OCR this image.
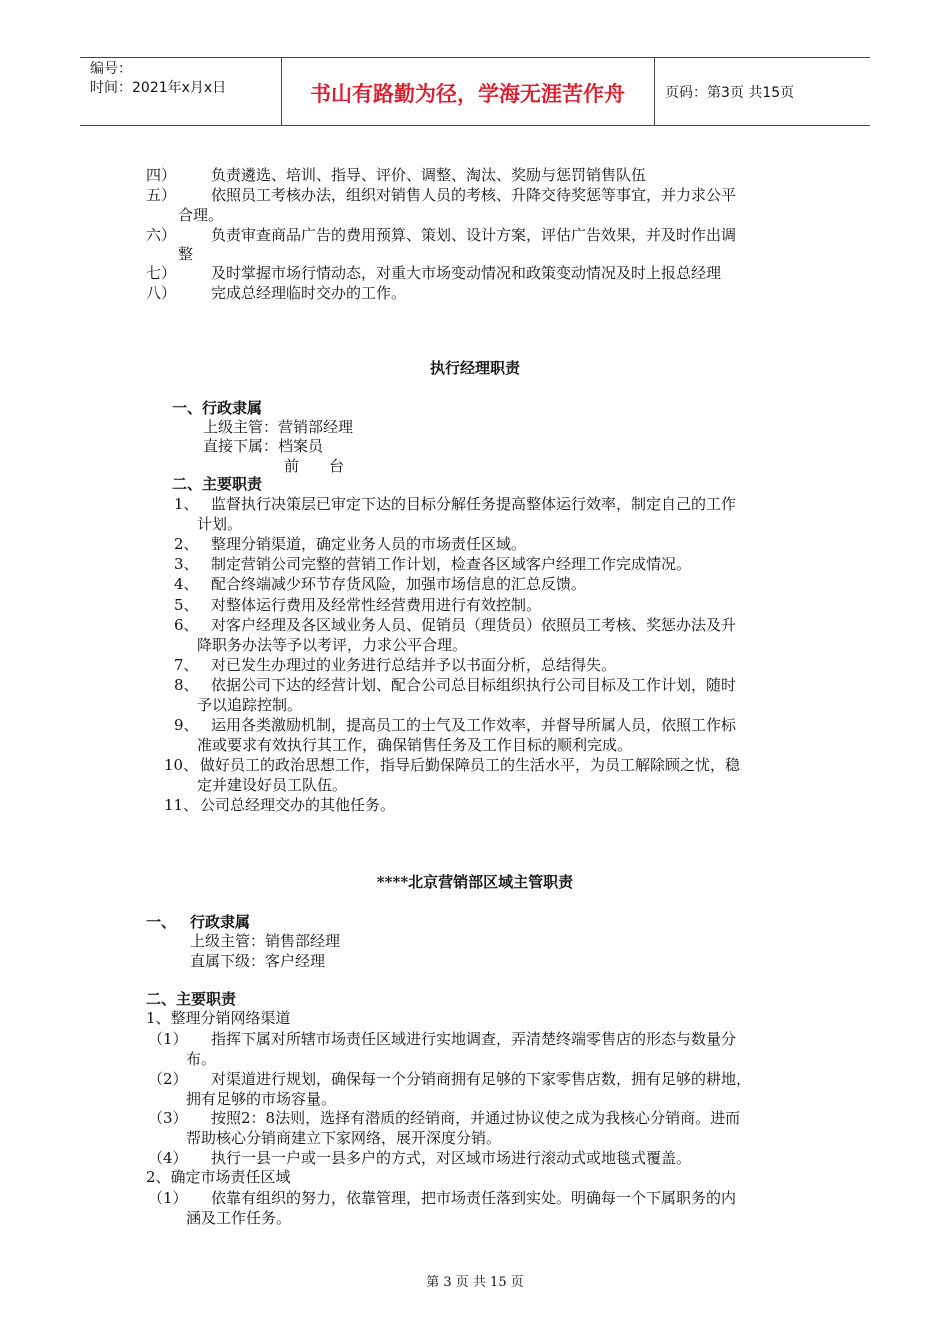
编号：
时间：2021年x月x日	书山有路勤为径，学海无涯苦作舟	页码：第3页 共15页
四） 负责遴选、培训、指导、评价、调整、淘汰、奖励与惩罚销售队伍
五） 依照员工考核办法，组织对销售人员的考核、升降交待奖惩等事宜，并力求公平
合理。
六） 负责审查商品广告的费用预算、策划、设计方案，评估广告效果，并及时作出调
整
七） 及时掌握市场行情动态，对重大市场变动情况和政策变动情况及时上报总经理
八） 完成总经理临时交办的工作。
执行经理职责
一、行政隶属
上级主管：营销部经理
直接下属：档案员
前　　台
二、主要职责
1、 监督执行决策层已审定下达的目标分解任务提高整体运行效率，制定自己的工作
计划。
2、 整理分销渠道，确定业务人员的市场责任区域。
3、 制定营销公司完整的营销工作计划，检查各区域客户经理工作完成情况。
4、 配合终端减少环节存货风险，加强市场信息的汇总反馈。
5、 对整体运行费用及经常性经营费用进行有效控制。
6、 对客户经理及各区域业务人员、促销员（理货员）依照员工考核、奖惩办法及升
降职务办法等予以考评，力求公平合理。
7、 对已发生办理过的业务进行总结并予以书面分析，总结得失。
8、 依据公司下达的经营计划、配合公司总目标组织执行公司目标及工作计划，随时
予以追踪控制。
9、 运用各类激励机制，提高员工的士气及工作效率，并督导所属人员，依照工作标
准或要求有效执行其工作，确保销售任务及工作目标的顺利完成。
10、 做好员工的政治思想工作，指导后勤保障员工的生活水平，为员工解除顾之忧，稳
定并建设好员工队伍。
11、 公司总经理交办的其他任务。
****北京营销部区域主管职责
一、 行政隶属
上级主管：销售部经理
直属下级：客户经理
二、主要职责
1、整理分销网络渠道
（1） 指挥下属对所辖市场责任区域进行实地调查，弄清楚终端零售店的形态与数量分
布。
（2） 对渠道进行规划，确保每一个分销商拥有足够的下家零售店数，拥有足够的耕地，
拥有足够的市场容量。
（3） 按照2：8法则，选择有潜质的经销商，并通过协议使之成为我核心分销商。进而
帮助核心分销商建立下家网络，展开深度分销。
（4） 执行一县一户或一县多户的方式，对区域市场进行滚动式或地毯式覆盖。
2、确定市场责任区域
（1） 依靠有组织的努力，依靠管理，把市场责任落到实处。明确每一个下属职务的内
涵及工作任务。
第 3 页 共 15 页
